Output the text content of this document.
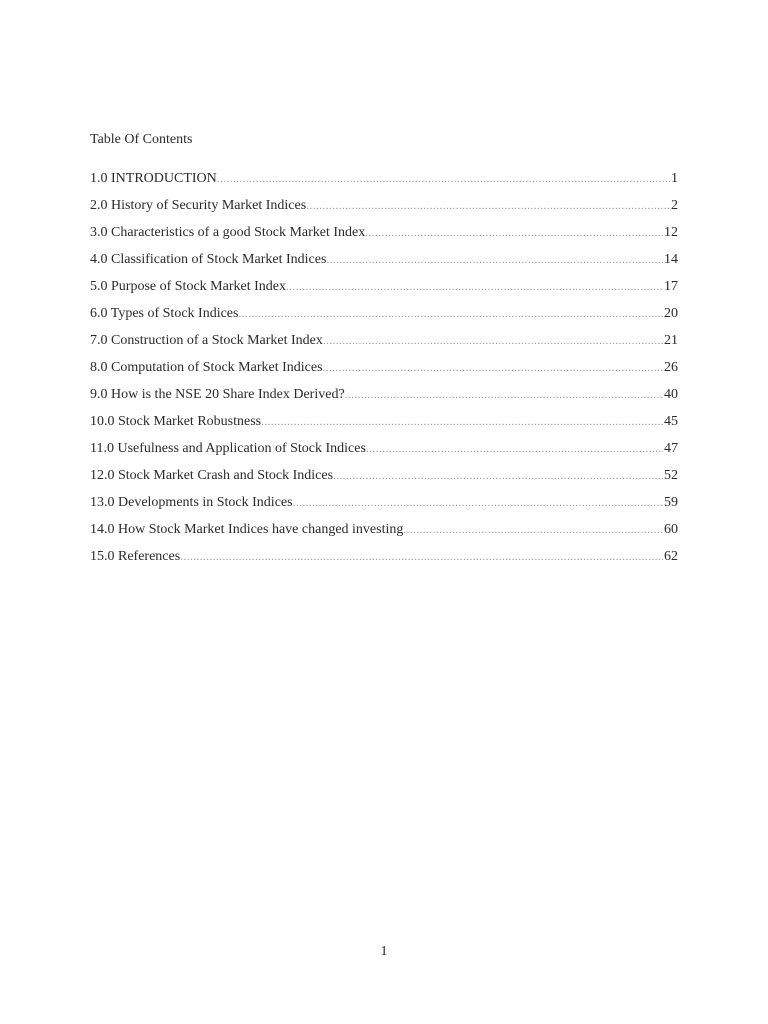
Table Of Contents
1.0 INTRODUCTION .....	1
2.0 History of Security Market Indices .....	2
3.0 Characteristics of a good Stock Market Index .....	12
4.0 Classification of Stock Market Indices .....	14
5.0 Purpose of Stock Market Index .....	17
6.0 Types of Stock Indices .....	20
7.0 Construction of a Stock Market Index .....	21
8.0 Computation of Stock Market Indices .....	26
9.0 How is the NSE 20 Share Index Derived? .....	40
10.0 Stock Market Robustness .....	45
11.0 Usefulness and Application of Stock Indices .....	47
12.0 Stock Market Crash and Stock Indices .....	52
13.0 Developments in Stock Indices .....	59
14.0 How Stock Market Indices have changed investing .....	60
15.0 References .....	62
1
